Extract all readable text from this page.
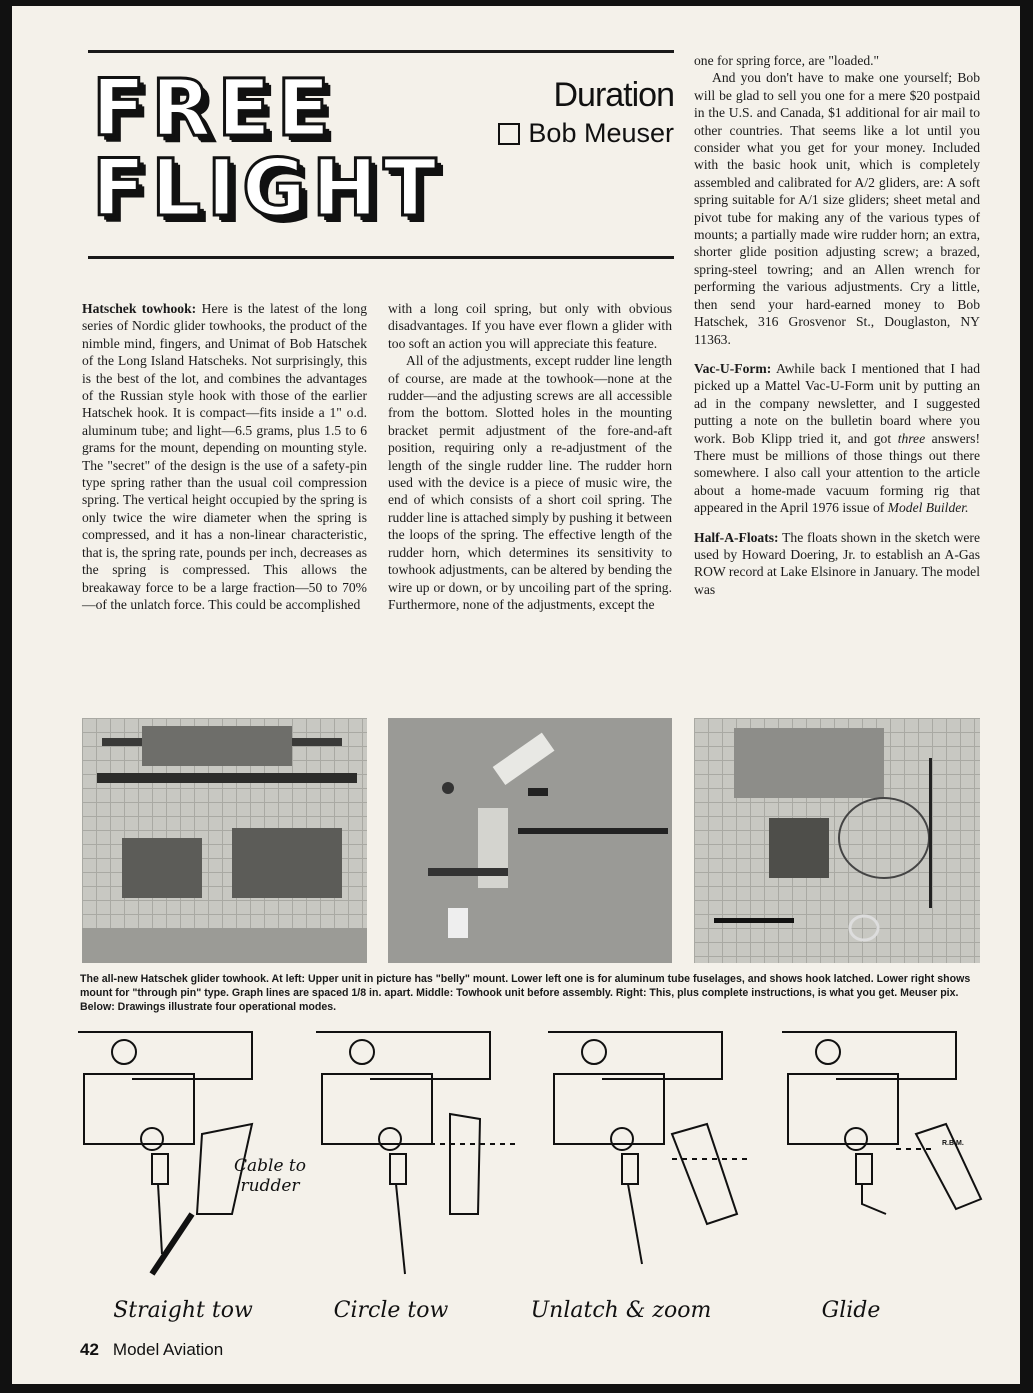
FREE
FLIGHT
Duration
Bob Meuser

Hatschek towhook: Here is the latest of the long series of Nordic glider towhooks, the product of the nimble mind, fingers, and Unimat of Bob Hatschek of the Long Island Hatscheks. Not surprisingly, this is the best of the lot, and combines the advantages of the Russian style hook with those of the earlier Hatschek hook. It is compact—fits inside a 1" o.d. aluminum tube; and light—6.5 grams, plus 1.5 to 6 grams for the mount, depending on mounting style. The "secret" of the design is the use of a safety-pin type spring rather than the usual coil compression spring. The vertical height occupied by the spring is only twice the wire diameter when the spring is compressed, and it has a non-linear characteristic, that is, the spring rate, pounds per inch, decreases as the spring is compressed. This allows the breakaway force to be a large fraction—50 to 70%—of the unlatch force. This could be accomplished

with a long coil spring, but only with obvious disadvantages. If you have ever flown a glider with too soft an action you will appreciate this feature.

All of the adjustments, except rudder line length of course, are made at the towhook—none at the rudder—and the adjusting screws are all accessible from the bottom. Slotted holes in the mounting bracket permit adjustment of the fore-and-aft position, requiring only a re-adjustment of the length of the single rudder line. The rudder horn used with the device is a piece of music wire, the end of which consists of a short coil spring. The rudder line is attached simply by pushing it between the loops of the spring. The effective length of the rudder horn, which determines its sensitivity to towhook adjustments, can be altered by bending the wire up or down, or by uncoiling part of the spring. Furthermore, none of the adjustments, except the

one for spring force, are "loaded."

And you don't have to make one yourself; Bob will be glad to sell you one for a mere $20 postpaid in the U.S. and Canada, $1 additional for air mail to other countries. That seems like a lot until you consider what you get for your money. Included with the basic hook unit, which is completely assembled and calibrated for A/2 gliders, are: A soft spring suitable for A/1 size gliders; sheet metal and pivot tube for making any of the various types of mounts; a partially made wire rudder horn; an extra, shorter glide position adjusting screw; a brazed, spring-steel towring; and an Allen wrench for performing the various adjustments. Cry a little, then send your hard-earned money to Bob Hatschek, 316 Grosvenor St., Douglaston, NY 11363.

Vac-U-Form: Awhile back I mentioned that I had picked up a Mattel Vac-U-Form unit by putting an ad in the company newsletter, and I suggested putting a note on the bulletin board where you work. Bob Klipp tried it, and got three answers! There must be millions of those things out there somewhere. I also call your attention to the article about a home-made vacuum forming rig that appeared in the April 1976 issue of Model Builder.

Half-A-Floats: The floats shown in the sketch were used by Howard Doering, Jr. to establish an A-Gas ROW record at Lake Elsinore in January. The model was

The all-new Hatschek glider towhook. At left: Upper unit in picture has "belly" mount. Lower left one is for aluminum tube fuselages, and shows hook latched. Lower right shows mount for "through pin" type. Graph lines are spaced 1/8 in. apart. Middle: Towhook unit before assembly. Right: This, plus complete instructions, is what you get. Meuser pix. Below: Drawings illustrate four operational modes.
Cable to
rudder
R.B.M.
Straight tow	Circle tow	Unlatch & zoom	Glide
42 Model Aviation
